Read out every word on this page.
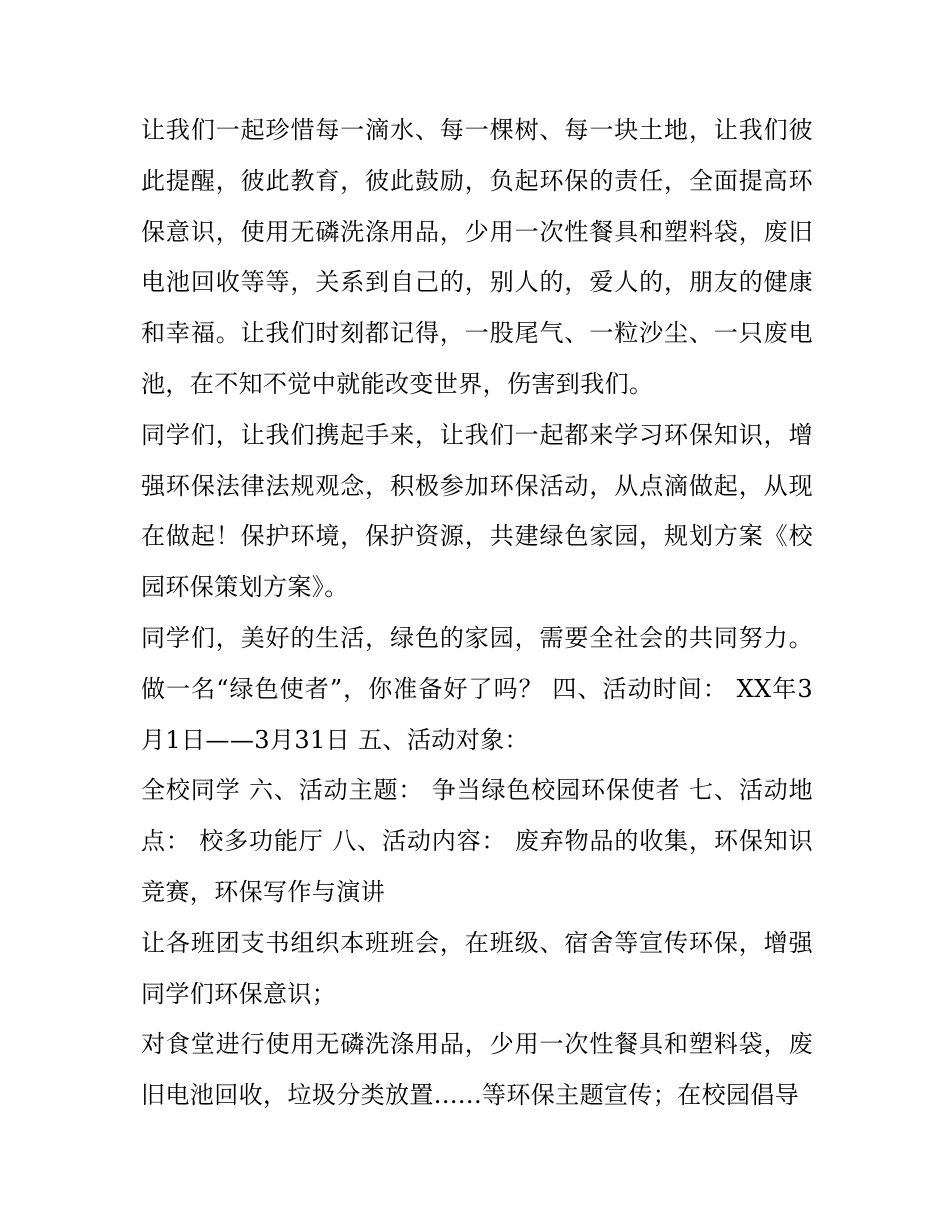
让我们一起珍惜每一滴水、每一棵树、每一块土地，让我们彼此提醒，彼此教育，彼此鼓励，负起环保的责任，全面提高环保意识，使用无磷洗涤用品，少用一次性餐具和塑料袋，废旧电池回收等等，关系到自己的，别人的，爱人的，朋友的健康和幸福。让我们时刻都记得，一股尾气、一粒沙尘、一只废电池，在不知不觉中就能改变世界，伤害到我们。

同学们，让我们携起手来，让我们一起都来学习环保知识，增强环保法律法规观念，积极参加环保活动，从点滴做起，从现在做起！保护环境，保护资源，共建绿色家园，规划方案《校园环保策划方案》。

同学们，美好的生活，绿色的家园，需要全社会的共同努力。做一名“绿色使者”，你准备好了吗？ 四、活动时间： XX年3月1日——3月31日 五、活动对象：

全校同学 六、活动主题： 争当绿色校园环保使者 七、活动地点： 校多功能厅 八、活动内容： 废弃物品的收集，环保知识竞赛，环保写作与演讲

让各班团支书组织本班班会，在班级、宿舍等宣传环保，增强同学们环保意识；

对食堂进行使用无磷洗涤用品，少用一次性餐具和塑料袋，废旧电池回收，垃圾分类放置......等环保主题宣传；在校园倡导
